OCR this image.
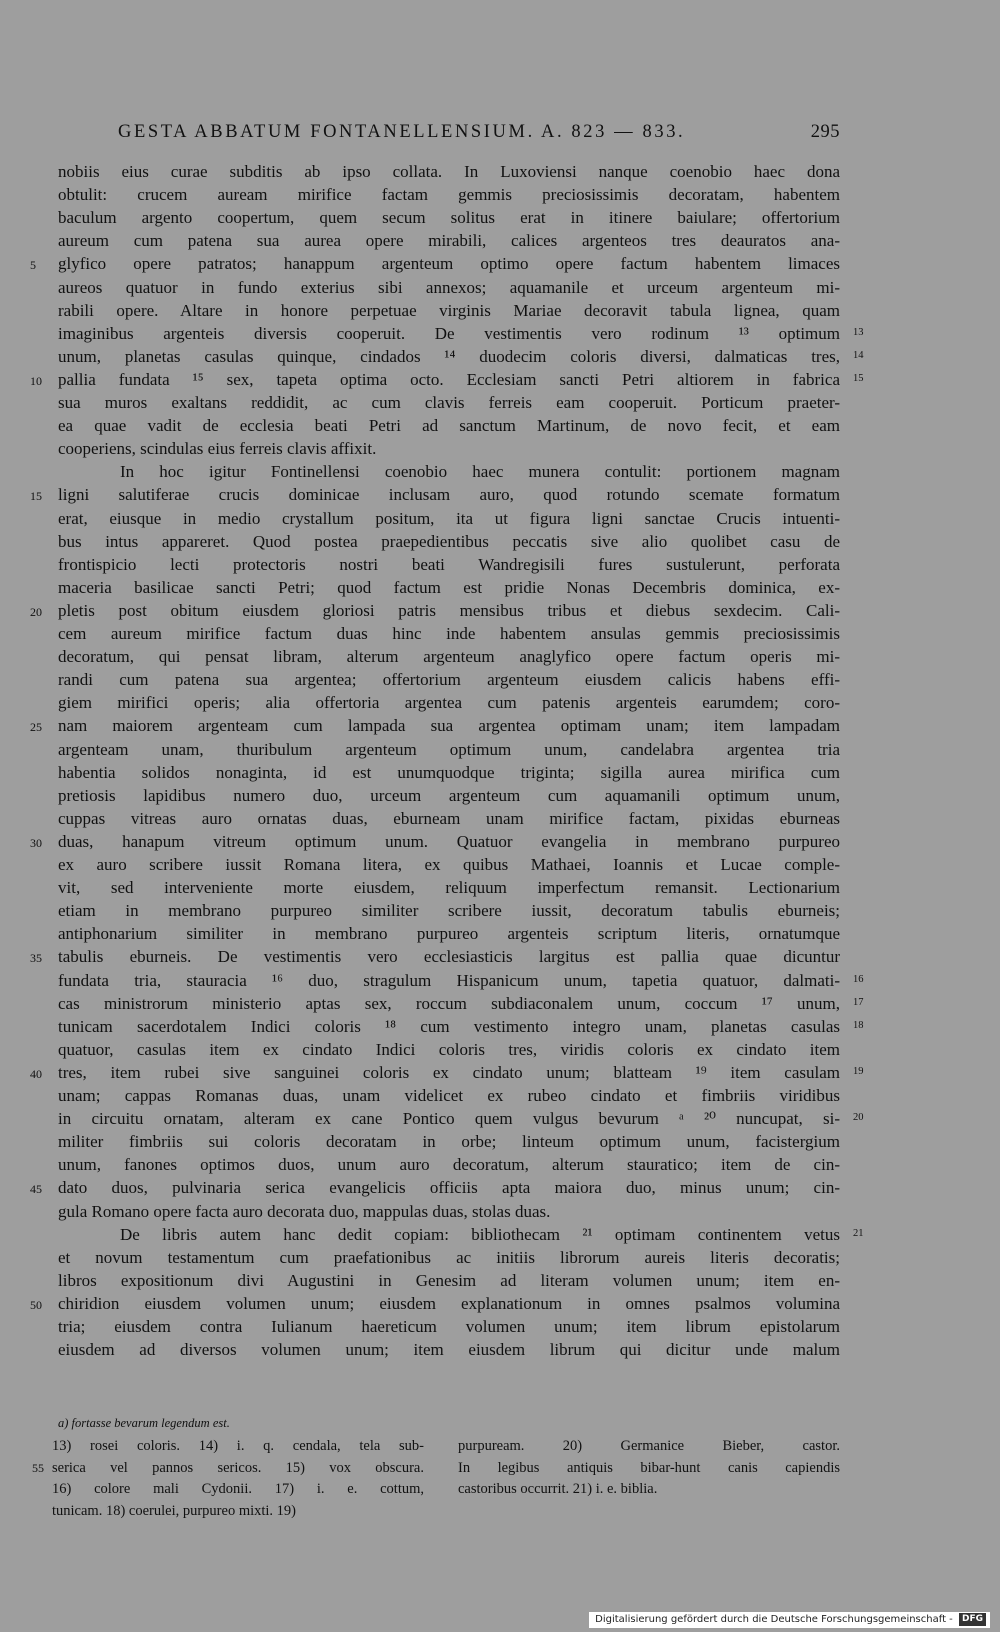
GESTA ABBATUM FONTANELLENSIUM. A. 823 — 833.	295
nobiis eius curae subditis ab ipso collata. In Luxoviensi nanque coenobio haec dona
obtulit: crucem auream mirifice factam gemmis preciosissimis decoratam, habentem
baculum argento coopertum, quem secum solitus erat in itinere baiulare; offertorium
aureum cum patena sua aurea opere mirabili, calices argenteos tres deauratos ana-
glyfico opere patratos; hanappum argenteum optimo opere factum habentem limaces
5
aureos quatuor in fundo exterius sibi annexos; aquamanile et urceum argenteum mi-
rabili opere. Altare in honore perpetuae virginis Mariae decoravit tabula lignea, quam
imaginibus argenteis diversis cooperuit. De vestimentis vero rodinum ¹³ optimum 13
unum, planetas casulas quinque, cindados ¹⁴ duodecim coloris diversi, dalmaticas tres, 14
pallia fundata ¹⁵ sex, tapeta optima octo. Ecclesiam sancti Petri altiorem in fabrica
10	15
sua muros exaltans reddidit, ac cum clavis ferreis eam cooperuit. Porticum praeter-
ea quae vadit de ecclesia beati Petri ad sanctum Martinum, de novo fecit, et eam
cooperiens, scindulas eius ferreis clavis affixit.
In hoc igitur Fontinellensi coenobio haec munera contulit: portionem magnam
ligni salutiferae crucis dominicae inclusam auro, quod rotundo scemate formatum
15
erat, eiusque in medio crystallum positum, ita ut figura ligni sanctae Crucis intuenti-
bus intus appareret. Quod postea praepedientibus peccatis sive alio quolibet casu de
frontispicio lecti protectoris nostri beati Wandregisili fures sustulerunt, perforata
maceria basilicae sancti Petri; quod factum est pridie Nonas Decembris dominica, ex-
pletis post obitum eiusdem gloriosi patris mensibus tribus et diebus sexdecim. Cali-
20
cem aureum mirifice factum duas hinc inde habentem ansulas gemmis preciosissimis
decoratum, qui pensat libram, alterum argenteum anaglyfico opere factum operis mi-
randi cum patena sua argentea; offertorium argenteum eiusdem calicis habens effi-
giem mirifici operis; alia offertoria argentea cum patenis argenteis earumdem; coro-
nam maiorem argenteam cum lampada sua argentea optimam unam; item lampadam
25
argenteam unam, thuribulum argenteum optimum unum, candelabra argentea tria
habentia solidos nonaginta, id est unumquodque triginta; sigilla aurea mirifica cum
pretiosis lapidibus numero duo, urceum argenteum cum aquamanili optimum unum,
cuppas vitreas auro ornatas duas, eburneam unam mirifice factam, pixidas eburneas
duas, hanapum vitreum optimum unum. Quatuor evangelia in membrano purpureo
30
ex auro scribere iussit Romana litera, ex quibus Mathaei, Ioannis et Lucae comple-
vit, sed interveniente morte eiusdem, reliquum imperfectum remansit. Lectionarium
etiam in membrano purpureo similiter scribere iussit, decoratum tabulis eburneis;
antiphonarium similiter in membrano purpureo argenteis scriptum literis, ornatumque
tabulis eburneis. De vestimentis vero ecclesiasticis largitus est pallia quae dicuntur
35
fundata tria, stauracia ¹⁶ duo, stragulum Hispanicum unum, tapetia quatuor, dalmati- 16
cas ministrorum ministerio aptas sex, roccum subdiaconalem unum, coccum ¹⁷ unum, 17
tunicam sacerdotalem Indici coloris ¹⁸ cum vestimento integro unam, planetas casulas 18
quatuor, casulas item ex cindato Indici coloris tres, viridis coloris ex cindato item
tres, item rubei sive sanguinei coloris ex cindato unum; blatteam ¹⁹ item casulam
40	19
unam; cappas Romanas duas, unam videlicet ex rubeo cindato et fimbriis viridibus
in circuitu ornatam, alteram ex cane Pontico quem vulgus bevurum ᵃ ²⁰ nuncupat, si- 20
militer fimbriis sui coloris decoratam in orbe; linteum optimum unum, facistergium
unum, fanones optimos duos, unum auro decoratum, alterum stauratico; item de cin-
dato duos, pulvinaria serica evangelicis officiis apta maiora duo, minus unum; cin-
45
gula Romano opere facta auro decorata duo, mappulas duas, stolas duas.
De libris autem hanc dedit copiam: bibliothecam ²¹ optimam continentem vetus 21
et novum testamentum cum praefationibus ac initiis librorum aureis literis decoratis;
libros expositionum divi Augustini in Genesim ad literam volumen unum; item en-
chiridion eiusdem volumen unum; eiusdem explanationum in omnes psalmos volumina
50
tria; eiusdem contra Iulianum haereticum volumen unum; item librum epistolarum
eiusdem ad diversos volumen unum; item eiusdem librum qui dicitur unde malum
a) fortasse bevarum legendum est.
55
13) rosei coloris. 14) i. q. cendala, tela sub-
serica vel pannos sericos. 15) vox obscura.
16) colore mali Cydonii. 17) i. e. cottum,
tunicam. 18) coerulei, purpureo mixti. 19)
purpuream. 20) Germanice Bieber, castor.
In legibus antiquis bibar-hunt canis capiendis
castoribus occurrit. 21) i. e. biblia.
Digitalisierung gefördert durch die Deutsche Forschungsgemeinschaft - DFG
